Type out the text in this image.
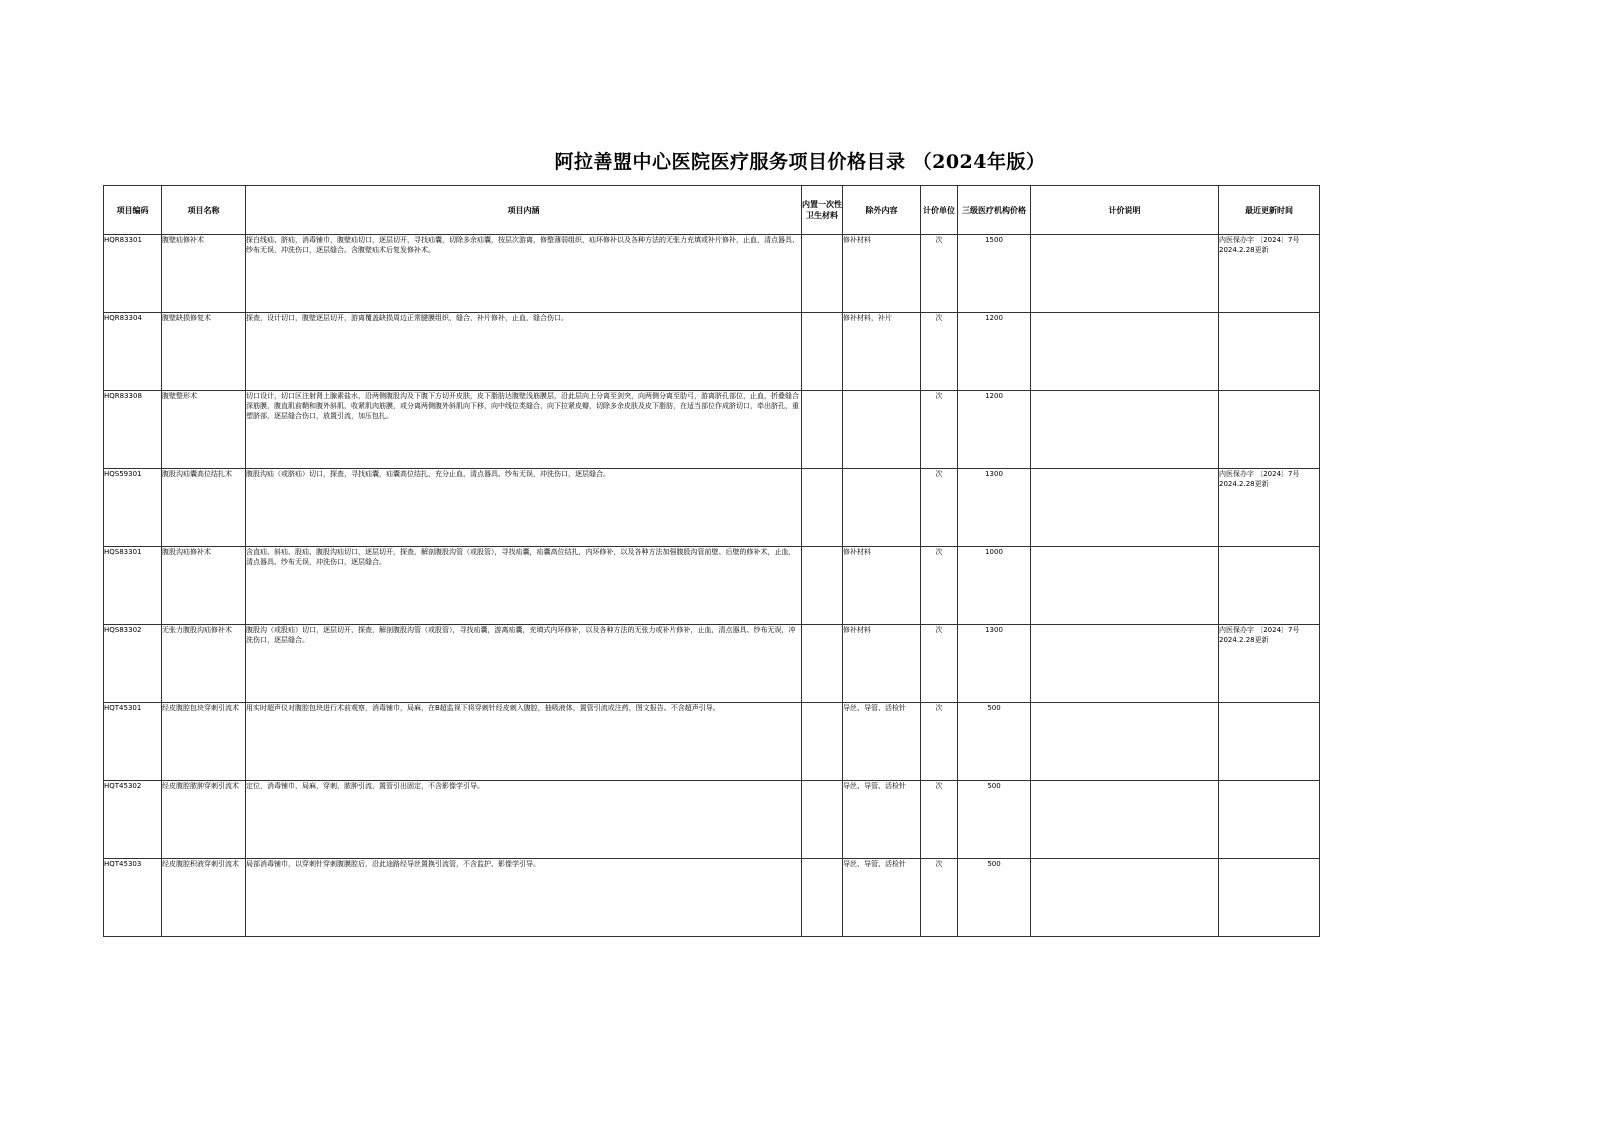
阿拉善盟中心医院医疗服务项目价格目录 （2024年版）
项目编码	项目名称	项目内涵	内置一次性卫生材料	除外内容	计价单位	三级医疗机构价格	计价说明	最近更新时间
HQR83301	腹壁疝修补术	探白线疝、脐疝，消毒铺巾，腹壁疝切口，逐层切开，寻找疝囊，切除多余疝囊，按层次游离，修整薄弱组织，疝环修补以及各种方法的无张力充填或补片修补，止血，清点器具、纱布无误，冲洗伤口，逐层缝合。含腹壁疝术后复发修补术。		修补材料	次	1500		内医保办字 〔2024〕7号 2024.2.28更新
HQR83304	腹壁缺损修复术	探查，设计切口，腹壁逐层切开，游离覆盖缺损周边正常腱膜组织，缝合，补片修补，止血，缝合伤口。		修补材料，补片	次	1200		
HQR83308	腹壁整形术	切口设计，切口区注射肾上腺素盐水，沿两侧腹股沟及下腹下方切开皮肤，皮下脂肪达腹壁浅筋膜层，沿此层向上分离至剑突，向两侧分离至肋弓，游离脐孔部位，止血，折叠缝合深筋膜，腹直肌前鞘和腹外斜肌，收紧肌肉筋膜，或分离两侧腹外斜肌向下移，向中线位类缝合，向下拉紧皮瓣，切除多余皮肤及皮下脂肪，在适当部位作成脐切口，牵出脐孔，重塑脐部，逐层缝合伤口，放置引流，加压包扎。			次	1200		
HQS59301	腹股沟疝囊高位结扎术	腹股沟疝（或脐疝）切口，探查，寻找疝囊，疝囊高位结扎，充分止血，清点器具、纱布无误，冲洗伤口，逐层缝合。			次	1300		内医保办字 〔2024〕7号 2024.2.28更新
HQS83301	腹股沟疝修补术	含直疝、斜疝、股疝、腹股沟疝切口，逐层切开，探查，解剖腹股沟管（或股管），寻找疝囊，疝囊高位结扎，内环修补，以及各种方法加强腹股沟管前壁、后壁的修补术，止血，清点器具、纱布无误，冲洗伤口，逐层缝合。		修补材料	次	1000		
HQS83302	无张力腹股沟疝修补术	腹股沟（或股疝）切口，逐层切开，探查，解剖腹股沟管（或股管），寻找疝囊，游离疝囊，充填式内环修补，以及各种方法的无张力或补片修补，止血，清点器具、纱布无误，冲洗伤口，逐层缝合。		修补材料	次	1300		内医保办字 〔2024〕7号 2024.2.28更新
HQT45301	经皮腹腔包块穿刺引流术	用实时超声仪对腹腔包块进行术前观察，消毒铺巾，局麻，在B超监视下将穿刺针经皮刺入腹腔，抽吸液体，置管引流或注药，图文报告。不含超声引导。		导丝、导管、活检针	次	500		
HQT45302	经皮腹腔脓肿穿刺引流术	定位，消毒铺巾，局麻，穿刺，脓肿引流，置管引出固定，不含影像学引导。		导丝、导管、活检针	次	500		
HQT45303	经皮腹腔积液穿刺引流术	局部消毒铺巾，以穿刺针穿刺腹膜腔后，沿此途路经导丝置换引流管，不含监护、影像学引导。		导丝、导管、活检针	次	500		
